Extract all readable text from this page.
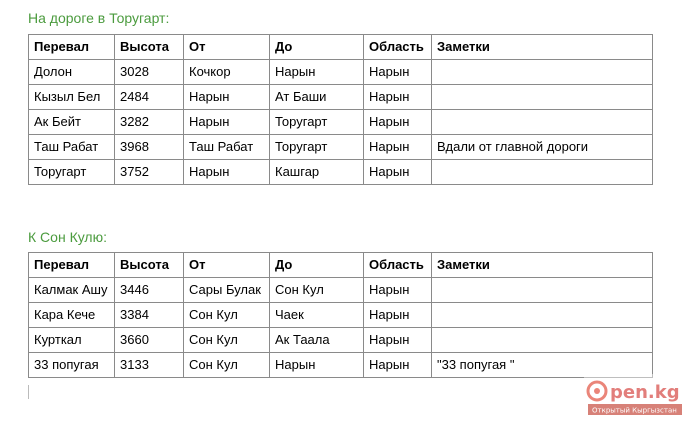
На дороге в Торугарт:
Перевал	Высота	От	До	Область	Заметки
Долон	3028	Кочкор	Нарын	Нарын	
Кызыл Бел	2484	Нарын	Ат Баши	Нарын	
Ак Бейт	3282	Нарын	Торугарт	Нарын	
Таш Рабат	3968	Таш Рабат	Торугарт	Нарын	Вдали от главной дороги
Торугарт	3752	Нарын	Кашгар	Нарын	
К Сон Кулю:
Перевал	Высота	От	До	Область	Заметки
Калмак Ашу	3446	Сары Булак	Сон Кул	Нарын	
Кара Кече	3384	Сон Кул	Чаек	Нарын	
Курткал	3660	Сон Кул	Ак Таала	Нарын	
33 попугая	3133	Сон Кул	Нарын	Нарын	"33 попугая "
pen.kg
Открытый Кыргызстан
